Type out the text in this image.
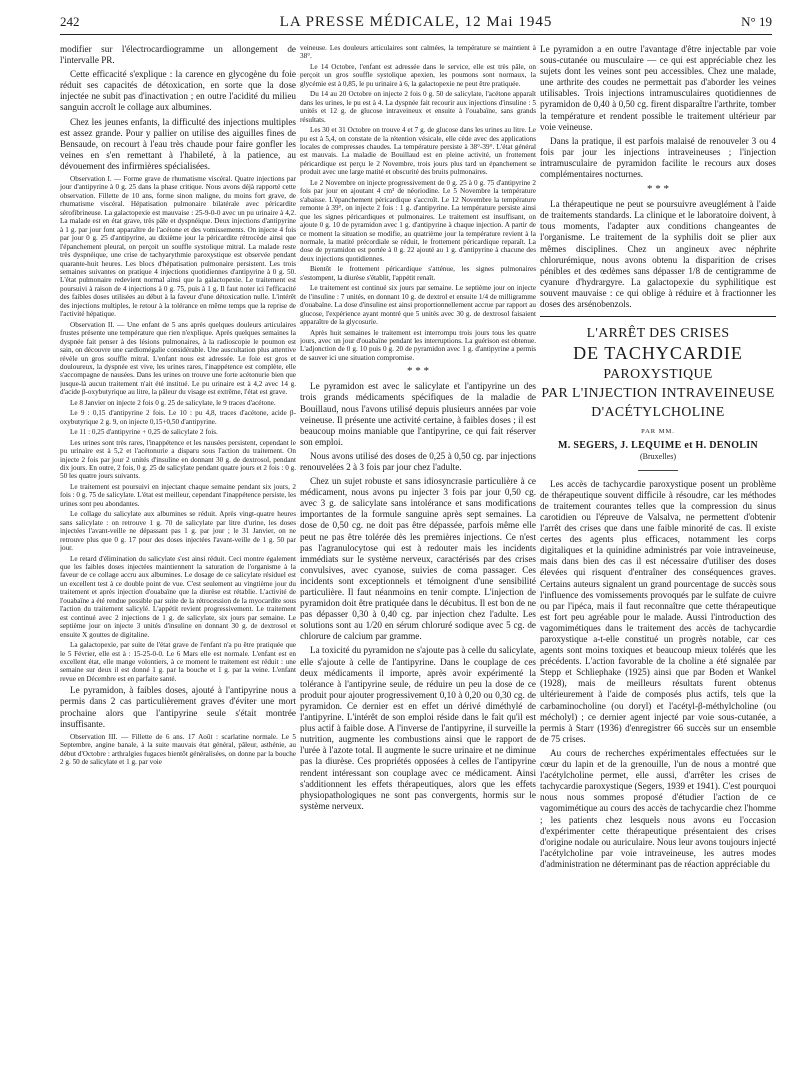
242	LA PRESSE MÉDICALE, 12 Mai 1945	N° 19

modifier sur l'électrocardiogramme un allongement de l'intervalle PR.

Cette efficacité s'explique : la carence en glycogène du foie réduit ses capacités de détoxication, en sorte que la dose injectée ne subit pas d'inactivation ; en outre l'acidité du milieu sanguin accroît le collage aux albumines.

Chez les jeunes enfants, la difficulté des injections multiples est assez grande. Pour y pallier on utilise des aiguilles fines de Bensaude, on recourt à l'eau très chaude pour faire gonfler les veines en s'en remettant à l'habileté, à la patience, au dévouement des infirmières spécialisées.

Observation I. — Forme grave de rhumatisme viscéral. Quatre injections par jour d'antipyrine à 0 g. 25 dans la phase critique. Nous avons déjà rapporté cette observation. Fillette de 10 ans, forme sinon maligne, du moins fort grave, de rhumatisme viscéral. Hépatisation pulmonaire bilatérale avec péricardite sérofibrineuse. La galactopexie est mauvaise : 25-9-0-0 avec un pu urinaire à 4,2. La malade est en état grave, très pâle et dyspnéique. Deux injections d'antipyrine à 1 g. par jour font apparaître de l'acétone et des vomissements. On injecte 4 fois par jour 0 g. 25 d'antipyrine, au dixième jour la péricardite rétrocède ainsi que l'épanchement pleural, on perçoit un souffle systolique mitral. La malade reste très dyspnéique, une crise de tachyarythmie paroxystique est observée pendant quarante-huit heures. Les blocs d'hépatisation pulmonaire persistent. Les trois semaines suivantes on pratique 4 injections quotidiennes d'antipyrine à 0 g. 50. L'état pulmonaire redevient normal ainsi que la galactopexie. Le traitement est poursuivi à raison de 4 injections à 0 g. 75, puis à 1 g. Il faut noter ici l'efficacité des faibles doses utilisées au début à la faveur d'une détoxication nulle. L'intérêt des injections multiples, le retour à la tolérance en même temps que la reprise de l'activité hépatique.

Observation II. — Une enfant de 5 ans après quelques douleurs articulaires frustes présente une température que rien n'explique. Après quelques semaines la dyspnée fait penser à des lésions pulmonaires, à la radioscopie le poumon est sain, on découvre une cardiomégalie considérable. Une auscultation plus attentive révèle un gros souffle mitral. L'enfant nous est adressée. Le foie est gros et douloureux, la dyspnée est vive, les urines rares, l'inappétence est complète, elle s'accompagne de nausées. Dans les urines on trouve une forte acétonurie bien que jusque-là aucun traitement n'ait été institué. Le pu urinaire est à 4,2 avec 14 g. d'acide β-oxybutyrique au litre, la pâleur du visage est extrême, l'état est grave.

Le 8 Janvier on injecte 2 fois 0 g. 25 de salicylate, le 9 traces d'acétone.

Le 9 : 0,15 d'antipyrine 2 fois. Le 10 : pu 4,8, traces d'acétone, acide β-oxybutyrique 2 g. 9, on injecte 0,15+0,50 d'antipyrine.

Le 11 : 0,25 d'antipyrine + 0,25 de salicylate 2 fois.

Les urines sont très rares, l'inappétence et les nausées persistent, cependant le pu urinaire est à 5,2 et l'acétonurie a disparu sous l'action du traitement. On injecte 2 fois par jour 2 unités d'insuline en donnant 30 g. de dextrosol, pendant dix jours. En outre, 2 fois, 0 g. 25 de salicylate pendant quatre jours et 2 fois : 0 g. 50 les quatre jours suivants.

Le traitement est poursuivi en injectant chaque semaine pendant six jours, 2 fois : 0 g. 75 de salicylate. L'état est meilleur, cependant l'inappétence persiste, les urines sont peu abondantes.

Le collage du salicylate aux albumines se réduit. Après vingt-quatre heures sans salicylate : on retrouve 1 g. 70 de salicylate par litre d'urine, les doses injectées l'avant-veille ne dépassant pas 1 g. par jour ; le 31 Janvier, on ne retrouve plus que 0 g. 17 pour des doses injectées l'avant-veille de 1 g. 50 par jour.

Le retard d'élimination du salicylate s'est ainsi réduit. Ceci montre également que les faibles doses injectées maintiennent la saturation de l'organisme à la faveur de ce collage accru aux albumines. Le dosage de ce salicylate résiduel est un excellent test à ce double point de vue. C'est seulement au vingtième jour du traitement et après injection d'ouabaïne que la diurèse est rétablie. L'activité de l'ouabaïne a été rendue possible par suite de la rétrocession de la myocardite sous l'action du traitement salicylé. L'appétit revient progressivement. Le traitement est continué avec 2 injections de 1 g. de salicylate, six jours par semaine. Le septième jour on injecte 3 unités d'insuline en donnant 30 g. de dextrosol et ensuite X gouttes de digitaline.

La galactopexie, par suite de l'état grave de l'enfant n'a pu être pratiquée que le 5 Février, elle est à : 15-25-0-0. Le 6 Mars elle est normale. L'enfant est en excellent état, elle mange volontiers, à ce moment le traitement est réduit : une semaine sur deux il est donné 1 g. par la bouche et 1 g. par la veine. L'enfant revue en Décembre est en parfaite santé.

Le pyramidon, à faibles doses, ajouté à l'antipyrine nous a permis dans 2 cas particulièrement graves d'éviter une mort prochaine alors que l'antipyrine seule s'était montrée insuffisante.

Observation III. — Fillette de 6 ans. 17 Août : scarlatine normale. Le 5 Septembre, angine banale, à la suite mauvais état général, pâleur, asthénie, au début d'Octobre : arthralgies fugaces bientôt généralisées, on donne par la bouche 2 g. 50 de salicylate et 1 g. par voie

veineuse. Les douleurs articulaires sont calmées, la température se maintient à 38°.

Le 14 Octobre, l'enfant est adressée dans le service, elle est très pâle, on perçoit un gros souffle systolique apexien, les poumons sont normaux, la glycémie est à 0,85, le pu urinaire à 6, la galactopexie ne peut être pratiquée.

Du 14 au 20 Octobre on injecte 2 fois 0 g. 50 de salicylate, l'acétone apparaît dans les urines, le pu est à 4. La dyspnée fait recourir aux injections d'insuline : 5 unités et 12 g. de glucose intraveineux et ensuite à l'ouabaïne, sans grands résultats.

Les 30 et 31 Octobre on trouve 4 et 7 g. de glucose dans les urines au litre. Le pu est à 5,4, on constate de la rétention vésicale, elle cède avec des applications locales de compresses chaudes. La température persiste à 38°-39°. L'état général est mauvais. La maladie de Bouillaud est en pleine activité, un frottement péricardique est perçu le 2 Novembre, trois jours plus tard un épanchement se produit avec une large matité et obscurité des bruits pulmonaires.

Le 2 Novembre on injecte progressivement de 0 g. 25 à 0 g. 75 d'antipyrine 2 fois par jour en ajoutant 4 cm³ de néoriodine. Le 5 Novembre la température s'abaisse. L'épanchement péricardique s'accroît. Le 12 Novembre la température remonte à 39°, on injecte 2 fois : 1 g. d'antipyrine. La température persiste ainsi que les signes péricardiques et pulmonaires. Le traitement est insuffisant, on ajoute 0 g. 10 de pyramidon avec 1 g. d'antipyrine à chaque injection. A partir de ce moment la situation se modifie, au quatrième jour la température revient à la normale, la matité précordiale se réduit, le frottement péricardique reparaît. La dose de pyramidon est portée à 0 g. 22 ajouté au 1 g. d'antipyrine à chacune des deux injections quotidiennes.

Bientôt le frottement péricardique s'atténue, les signes pulmonaires s'estompent, la diurèse s'établit, l'appétit renaît.

Le traitement est continué six jours par semaine. Le septième jour on injecte de l'insuline : 7 unités, en donnant 10 g. de dextrol et ensuite 1/4 de milligramme d'ouabaïne. La dose d'insuline est ainsi proportionnellement accrue par rapport au glucose, l'expérience ayant montré que 5 unités avec 30 g. de dextrosol faisaient apparaître de la glycosurie.

Après huit semaines le traitement est interrompu trois jours tous les quatre jours, avec un jour d'ouabaïne pendant les interruptions. La guérison est obtenue. L'adjonction de 0 g. 10 puis 0 g. 20 de pyramidon avec 1 g. d'antipyrine a permis de sauver ici une situation compromise.

* * *

Le pyramidon est avec le salicylate et l'antipyrine un des trois grands médicaments spécifiques de la maladie de Bouillaud, nous l'avons utilisé depuis plusieurs années par voie veineuse. Il présente une activité certaine, à faibles doses ; il est beaucoup moins maniable que l'antipyrine, ce qui fait réserver son emploi.

Nous avons utilisé des doses de 0,25 à 0,50 cg. par injections renouvelées 2 à 3 fois par jour chez l'adulte.

Chez un sujet robuste et sans idiosyncrasie particulière à ce médicament, nous avons pu injecter 3 fois par jour 0,50 cg. avec 3 g. de salicylate sans intolérance et sans modifications importantes de la formule sanguine après sept semaines. La dose de 0,50 cg. ne doit pas être dépassée, parfois même elle peut ne pas être tolérée dès les premières injections. Ce n'est pas l'agranulocytose qui est à redouter mais les incidents immédiats sur le système nerveux, caractérisés par des crises convulsives, avec cyanose, suivies de coma passager. Ces incidents sont exceptionnels et témoignent d'une sensibilité particulière. Il faut néanmoins en tenir compte. L'injection de pyramidon doit être pratiquée dans le décubitus. Il est bon de ne pas dépasser 0,30 à 0,40 cg. par injection chez l'adulte. Les solutions sont au 1/20 en sérum chloruré sodique avec 5 cg. de chlorure de calcium par gramme.

La toxicité du pyramidon ne s'ajoute pas à celle du salicylate, elle s'ajoute à celle de l'antipyrine. Dans le couplage de ces deux médicaments il importe, après avoir expérimenté la tolérance à l'antipyrine seule, de réduire un peu la dose de ce produit pour ajouter progressivement 0,10 à 0,20 ou 0,30 cg. de pyramidon. Ce dernier est en effet un dérivé diméthylé de l'antipyrine. L'intérêt de son emploi réside dans le fait qu'il est plus actif à faible dose. A l'inverse de l'antipyrine, il surveille la nutrition, augmente les combustions ainsi que le rapport de l'urée à l'azote total. Il augmente le sucre urinaire et ne diminue pas la diurèse. Ces propriétés opposées à celles de l'antipyrine rendent intéressant son couplage avec ce médicament. Ainsi s'additionnent les effets thérapeutiques, alors que les effets physiopathologiques ne sont pas convergents, hormis sur le système nerveux.

Le pyramidon a en outre l'avantage d'être injectable par voie sous-cutanée ou musculaire — ce qui est appréciable chez les sujets dont les veines sont peu accessibles. Chez une malade, une arthrite des coudes ne permettait pas d'aborder les veines utilisables. Trois injections intramusculaires quotidiennes de pyramidon de 0,40 à 0,50 cg. firent disparaître l'arthrite, tomber la température et rendent possible le traitement ultérieur par voie veineuse.

Dans la pratique, il est parfois malaisé de renouveler 3 ou 4 fois par jour les injections intraveineuses ; l'injection intramusculaire de pyramidon facilite le recours aux doses complémentaires nocturnes.

* * *

La thérapeutique ne peut se poursuivre aveuglément à l'aide de traitements standards. La clinique et le laboratoire doivent, à tous moments, l'adapter aux conditions changeantes de l'organisme. Le traitement de la syphilis doit se plier aux mêmes disciplines. Chez un angineux avec néphrite chlorurémique, nous avons obtenu la disparition de crises pénibles et des œdèmes sans dépasser 1/8 de centigramme de cyanure d'hydrargyre. La galactopexie du syphilitique est souvent mauvaise : ce qui oblige à réduire et à fractionner les doses des arsénobenzols.

L'ARRÊT DES CRISES
DE TACHYCARDIE
PAROXYSTIQUE
PAR L'INJECTION INTRAVEINEUSE
D'ACÉTYLCHOLINE
PAR MM.
M. SEGERS, J. LEQUIME et H. DENOLIN
(Bruxelles)

Les accès de tachycardie paroxystique posent un problème de thérapeutique souvent difficile à résoudre, car les méthodes de traitement courantes telles que la compression du sinus carotidien ou l'épreuve de Valsalva, ne permettent d'obtenir l'arrêt des crises que dans une faible minorité de cas. Il existe certes des agents plus efficaces, notamment les corps digitaliques et la quinidine administrés par voie intraveineuse, mais dans bien des cas il est nécessaire d'utiliser des doses élevées qui risquent d'entraîner des conséquences graves. Certains auteurs signalent un grand pourcentage de succès sous l'influence des vomissements provoqués par le sulfate de cuivre ou par l'ipéca, mais il faut reconnaître que cette thérapeutique est fort peu agréable pour le malade. Aussi l'introduction des vagomimétiques dans le traitement des accès de tachycardie paroxystique a-t-elle constitué un progrès notable, car ces agents sont moins toxiques et beaucoup mieux tolérés que les précédents. L'action favorable de la choline a été signalée par Stepp et Schliephake (1925) ainsi que par Boden et Wankel (1928), mais de meilleurs résultats furent obtenus ultérieurement à l'aide de composés plus actifs, tels que la carbaminocholine (ou doryl) et l'acétyl-β-méthylcholine (ou mécholyl) ; ce dernier agent injecté par voie sous-cutanée, a permis à Starr (1936) d'enregistrer 66 succès sur un ensemble de 75 crises.

Au cours de recherches expérimentales effectuées sur le cœur du lapin et de la grenouille, l'un de nous a montré que l'acétylcholine permet, elle aussi, d'arrêter les crises de tachycardie paroxystique (Segers, 1939 et 1941). C'est pourquoi nous nous sommes proposé d'étudier l'action de ce vagomimétique au cours des accès de tachycardie chez l'homme ; les patients chez lesquels nous avons eu l'occasion d'expérimenter cette thérapeutique présentaient des crises d'origine nodale ou auriculaire. Nous leur avons toujours injecté l'acétylcholine par voie intraveineuse, les autres modes d'administration ne déterminant pas de réaction appréciable du
